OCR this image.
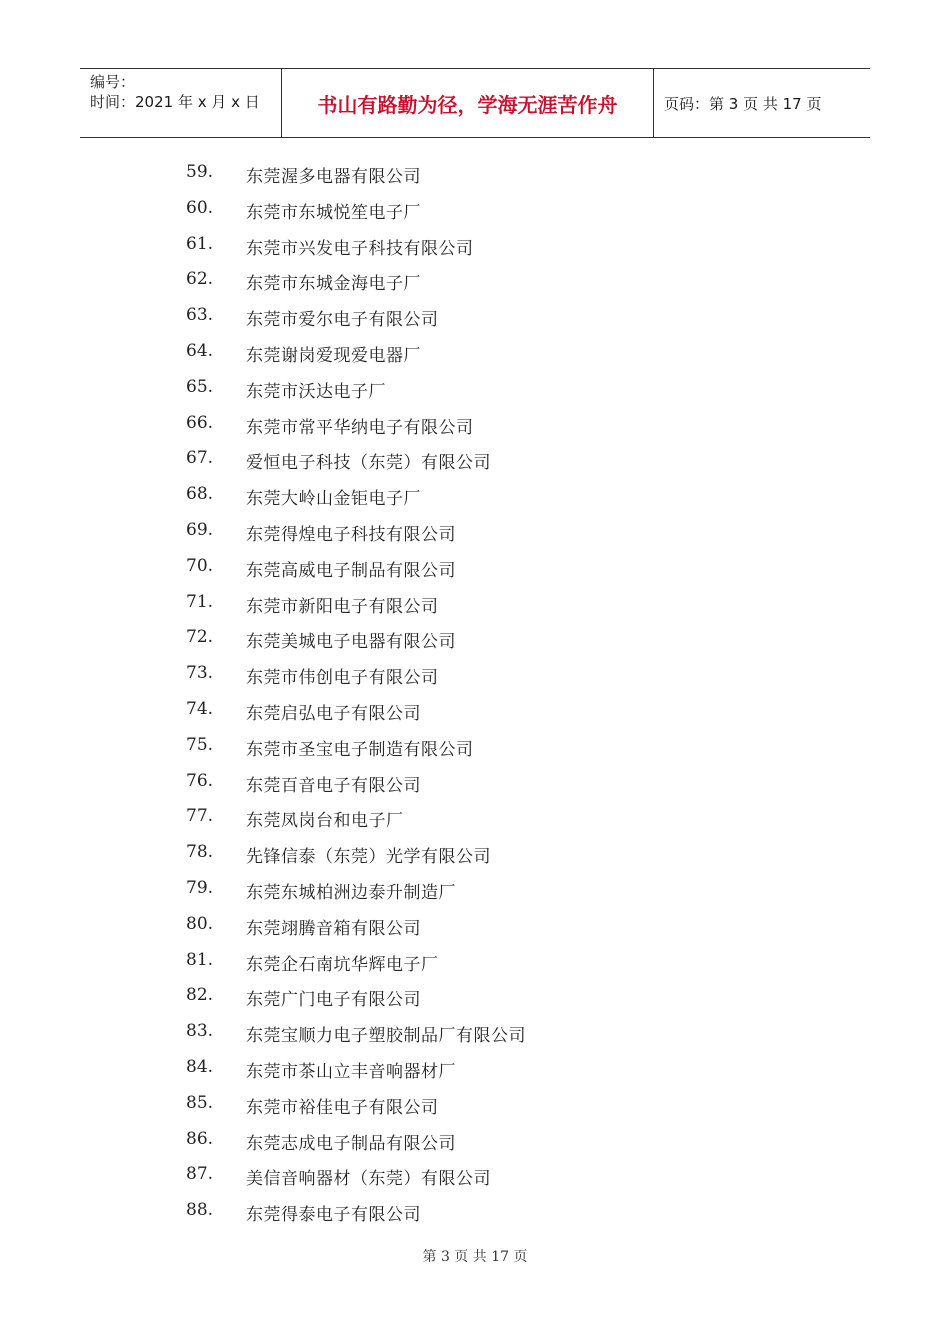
编号：
时间：2021 年 x 月 x 日	书山有路勤为径，学海无涯苦作舟	页码：第 3 页 共 17 页
59. 东莞渥多电器有限公司
60. 东莞市东城悦笙电子厂
61. 东莞市兴发电子科技有限公司
62. 东莞市东城金海电子厂
63. 东莞市爱尔电子有限公司
64. 东莞谢岗爱现爱电器厂
65. 东莞市沃达电子厂
66. 东莞市常平华纳电子有限公司
67. 爱恒电子科技（东莞）有限公司
68. 东莞大岭山金钜电子厂
69. 东莞得煌电子科技有限公司
70. 东莞高威电子制品有限公司
71. 东莞市新阳电子有限公司
72. 东莞美城电子电器有限公司
73. 东莞市伟创电子有限公司
74. 东莞启弘电子有限公司
75. 东莞市圣宝电子制造有限公司
76. 东莞百音电子有限公司
77. 东莞凤岗台和电子厂
78. 先锋信泰（东莞）光学有限公司
79. 东莞东城柏洲边泰升制造厂
80. 东莞翊腾音箱有限公司
81. 东莞企石南坑华辉电子厂
82. 东莞广门电子有限公司
83. 东莞宝顺力电子塑胶制品厂有限公司
84. 东莞市茶山立丰音响器材厂
85. 东莞市裕佳电子有限公司
86. 东莞志成电子制品有限公司
87. 美信音响器材（东莞）有限公司
88. 东莞得泰电子有限公司
第 3 页 共 17 页
